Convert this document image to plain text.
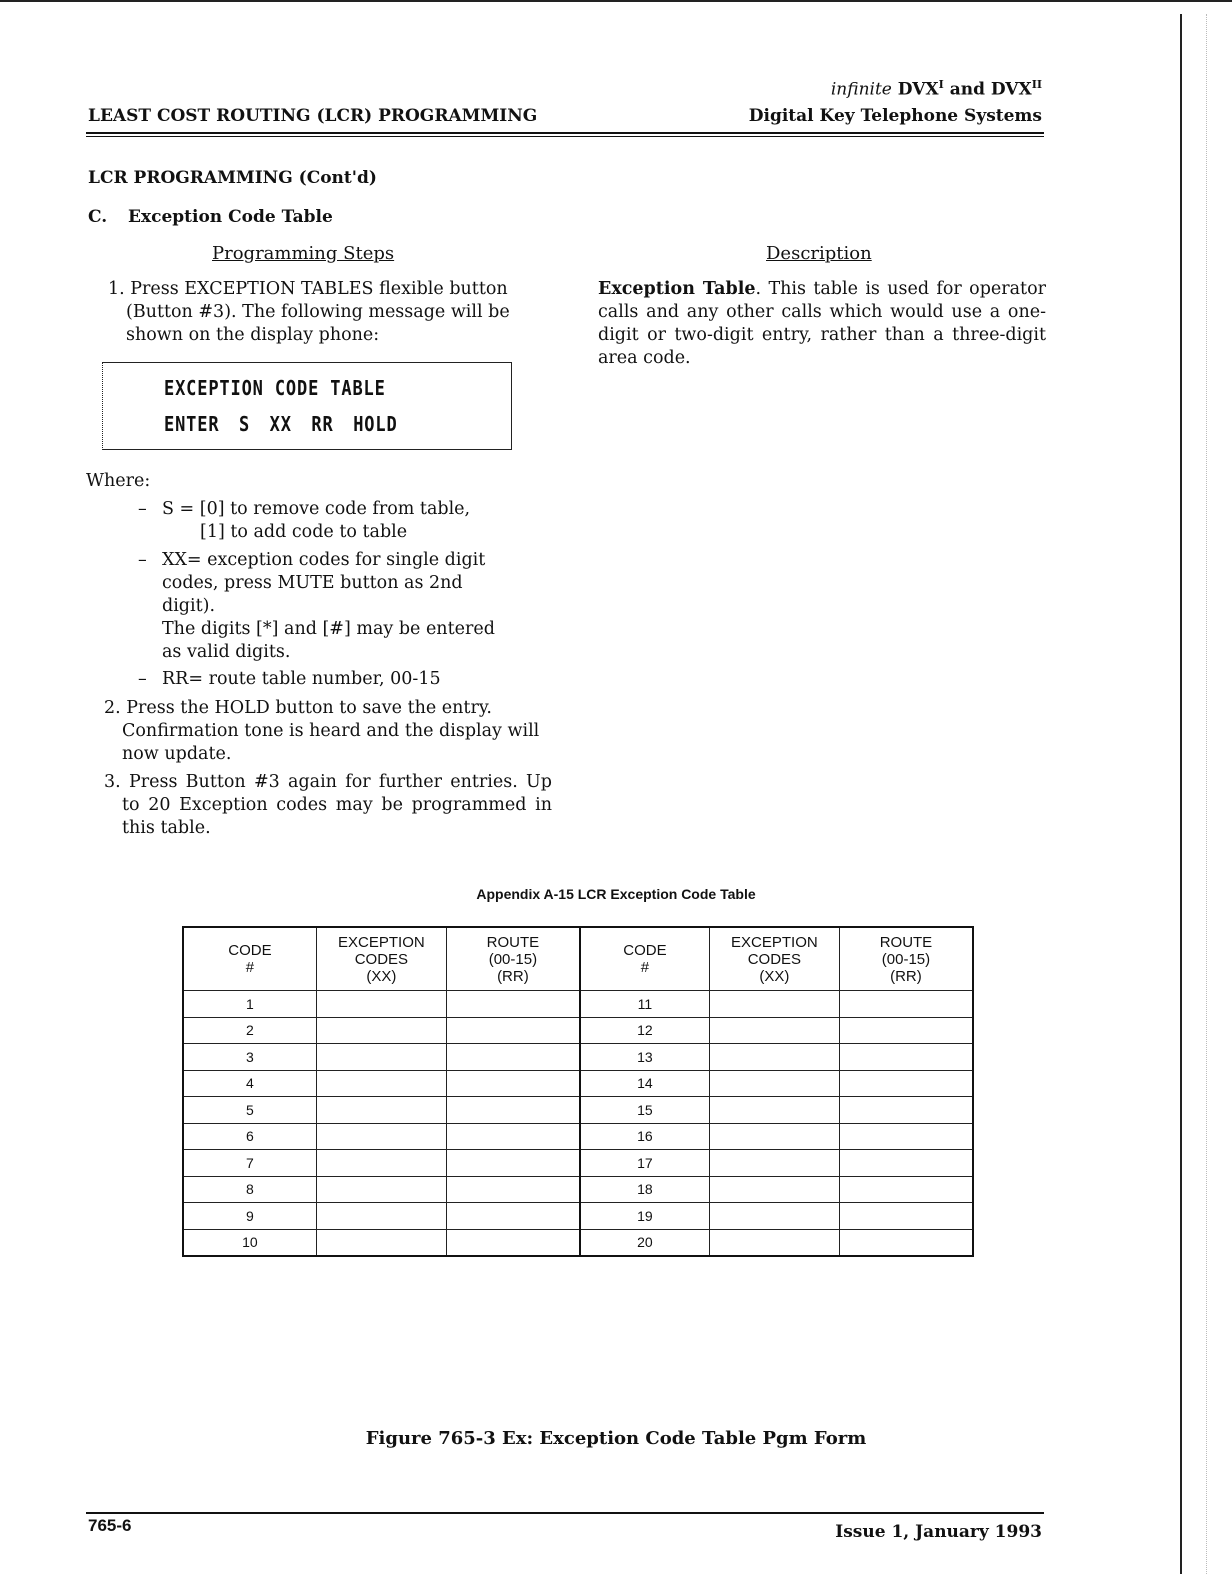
LEAST COST ROUTING (LCR) PROGRAMMING
infinite $DVX^I$ and $DVX^{II}$
Digital Key Telephone Systems
LCR PROGRAMMING (Cont'd)
C. Exception Code Table
Programming Steps	Description
1. Press EXCEPTION TABLES flexible button (Button #3). The following message will be shown on the display phone:
Exception Table. This table is used for operator calls and any other calls which would use a one-digit or two-digit entry, rather than a three-digit area code.
EXCEPTION CODE TABLE
ENTER S XX RR HOLD
Where:
– S = [0] to remove code from table,
[1] to add code to table
– XX= exception codes for single digit codes, press MUTE button as 2nd digit).
The digits [*] and [#] may be entered as valid digits.
– RR= route table number, 00-15
2. Press the HOLD button to save the entry. Confirmation tone is heard and the display will now update.
3. Press Button #3 again for further entries. Up to 20 Exception codes may be programmed in this table.
Appendix A-15 LCR Exception Code Table
CODE
#	EXCEPTION
CODES
(XX)	ROUTE
(00-15)
(RR)	CODE
#	EXCEPTION
CODES
(XX)	ROUTE
(00-15)
(RR)
1			11		
2			12		
3			13		
4			14		
5			15		
6			16		
7			17		
8			18		
9			19		
10			20		
Figure 765-3 Ex: Exception Code Table Pgm Form
765-6	Issue 1, January 1993
